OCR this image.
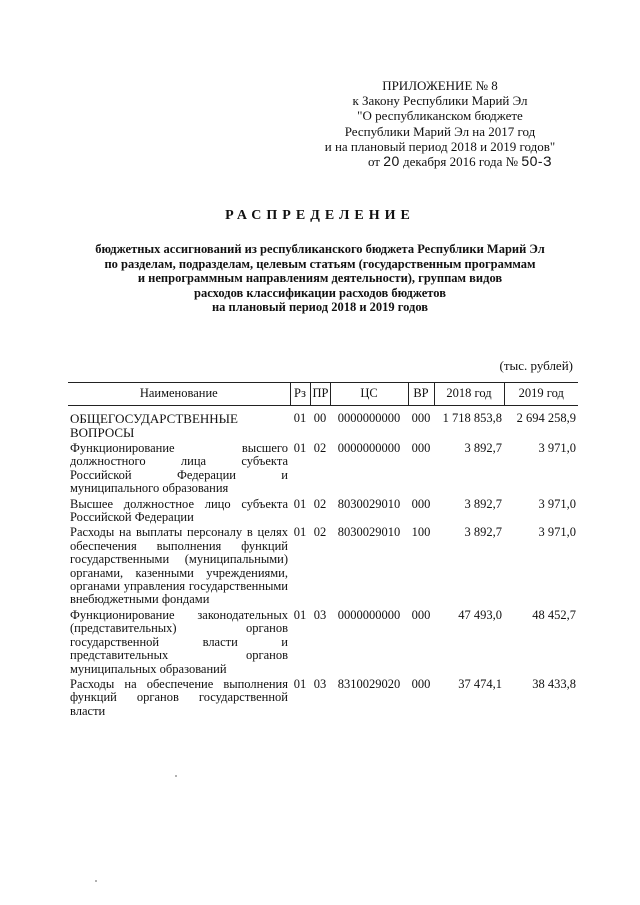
ПРИЛОЖЕНИЕ № 8
к Закону Республики Марий Эл
"О республиканском бюджете
Республики Марий Эл на 2017 год
и на плановый период 2018 и 2019 годов"
от 20 декабря 2016 года № 50-З
РАСПРЕДЕЛЕНИЕ
бюджетных ассигнований из республиканского бюджета Республики Марий Эл
по разделам, подразделам, целевым статьям (государственным программам
и непрограммным направлениям деятельности), группам видов
расходов классификации расходов бюджетов
на плановый период 2018 и 2019 годов
(тыс. рублей)
Наименование	Рз	ПР	ЦС	ВР	2018 год	2019 год
ОБЩЕГОСУДАРСТВЕННЫЕ ВОПРОСЫ	01	00	0000000000	000	1 718 853,8	2 694 258,9
Функционирование высшего должностного лица субъекта Российской Федерации и муниципального образования	01	02	0000000000	000	3 892,7	3 971,0
Высшее должностное лицо субъекта Российской Федерации	01	02	8030029010	000	3 892,7	3 971,0
Расходы на выплаты персоналу в целях обеспечения выполнения функций государственными (муниципальными) органами, казенными учреждениями, органами управления государственными внебюджетными фондами	01	02	8030029010	100	3 892,7	3 971,0
Функционирование законодательных (представительных) органов государственной власти и представительных органов муниципальных образований	01	03	0000000000	000	47 493,0	48 452,7
Расходы на обеспечение выполнения функций органов государственной власти	01	03	8310029020	000	37 474,1	38 433,8
